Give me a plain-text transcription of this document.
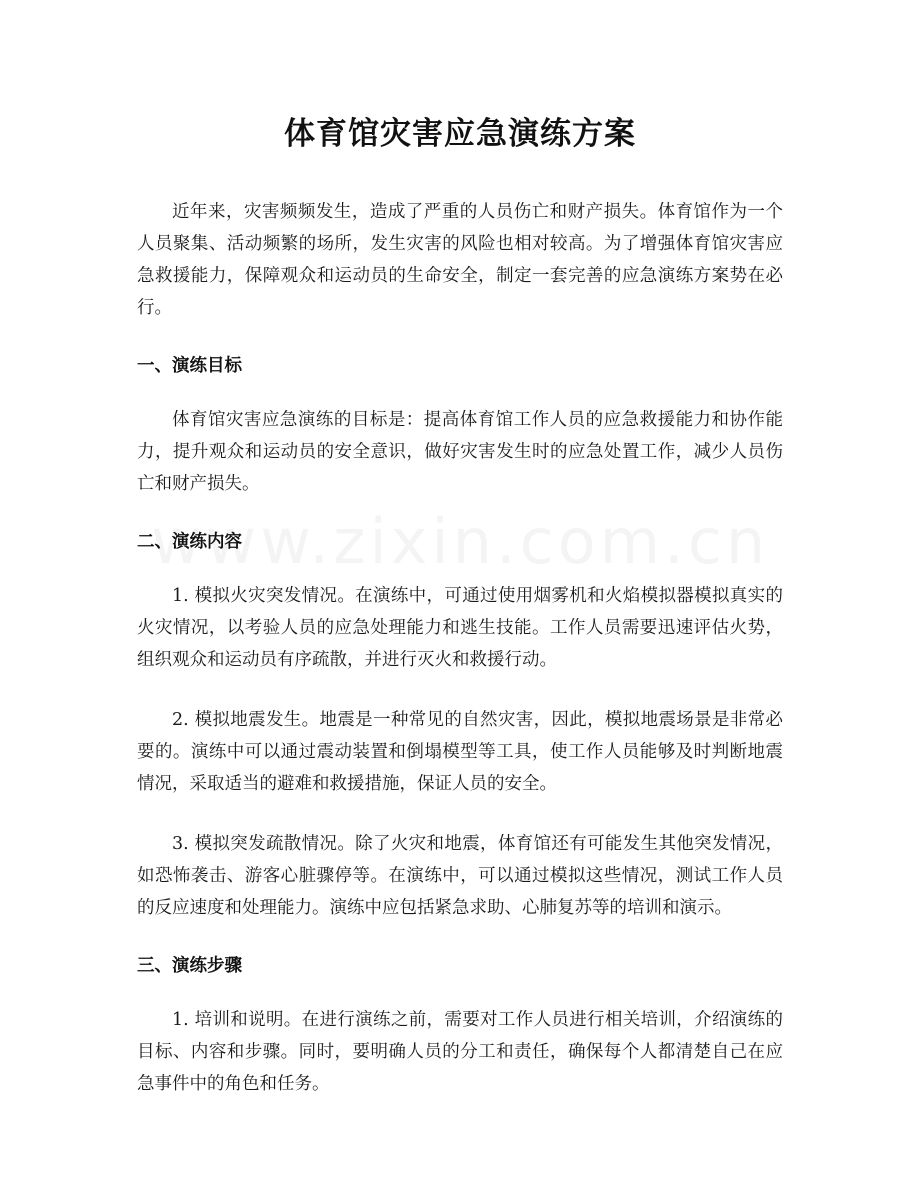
体育馆灾害应急演练方案

近年来，灾害频频发生，造成了严重的人员伤亡和财产损失。体育馆作为一个人员聚集、活动频繁的场所，发生灾害的风险也相对较高。为了增强体育馆灾害应急救援能力，保障观众和运动员的生命安全，制定一套完善的应急演练方案势在必行。

一、演练目标

体育馆灾害应急演练的目标是：提高体育馆工作人员的应急救援能力和协作能力，提升观众和运动员的安全意识，做好灾害发生时的应急处置工作，减少人员伤亡和财产损失。

二、演练内容

1. 模拟火灾突发情况。在演练中，可通过使用烟雾机和火焰模拟器模拟真实的火灾情况，以考验人员的应急处理能力和逃生技能。工作人员需要迅速评估火势，组织观众和运动员有序疏散，并进行灭火和救援行动。

2. 模拟地震发生。地震是一种常见的自然灾害，因此，模拟地震场景是非常必要的。演练中可以通过震动装置和倒塌模型等工具，使工作人员能够及时判断地震情况，采取适当的避难和救援措施，保证人员的安全。

3. 模拟突发疏散情况。除了火灾和地震，体育馆还有可能发生其他突发情况，如恐怖袭击、游客心脏骤停等。在演练中，可以通过模拟这些情况，测试工作人员的反应速度和处理能力。演练中应包括紧急求助、心肺复苏等的培训和演示。

三、演练步骤

1. 培训和说明。在进行演练之前，需要对工作人员进行相关培训，介绍演练的目标、内容和步骤。同时，要明确人员的分工和责任，确保每个人都清楚自己在应急事件中的角色和任务。
